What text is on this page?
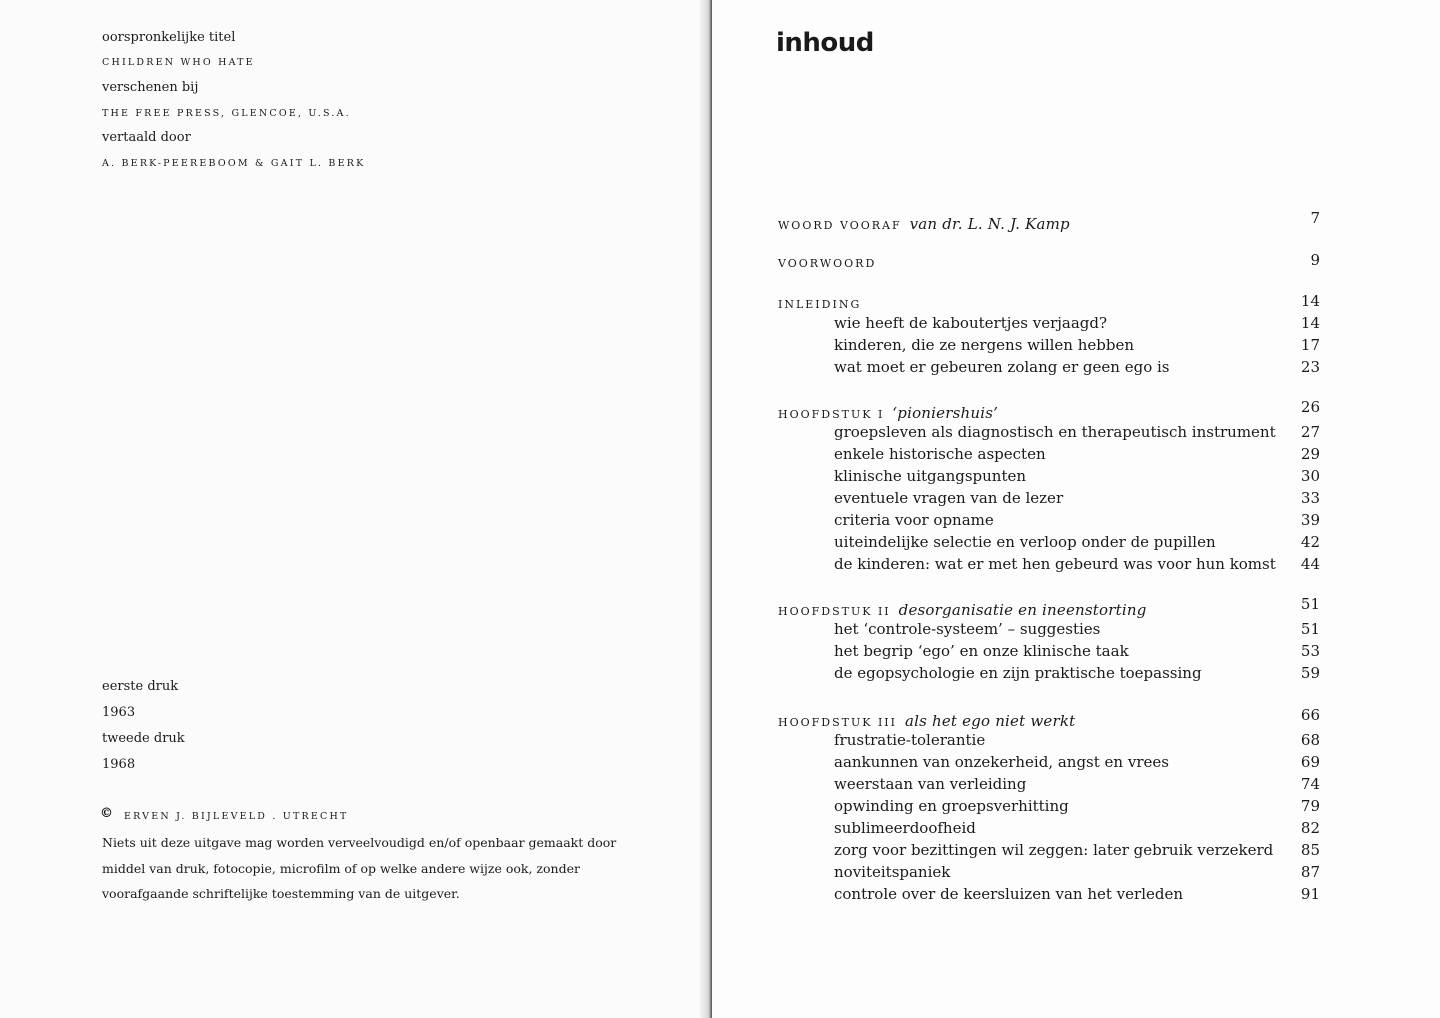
oorspronkelijke titel
CHILDREN WHO HATE
verschenen bij
THE FREE PRESS, GLENCOE, U.S.A.
vertaald door
A. BERK-PEEREBOOM & GAIT L. BERK
eerste druk
1963
tweede druk
1968
© ERVEN J. BIJLEVELD . UTRECHT
Niets uit deze uitgave mag worden verveelvoudigd en/of openbaar gemaakt door middel van druk, fotocopie, microfilm of op welke andere wijze ook, zonder voorafgaande schriftelijke toestemming van de uitgever.
inhoud
WOORD VOORAF van dr. L. N. J. Kamp	7
VOORWOORD	9
INLEIDING	14
wie heeft de kaboutertjes verjaagd?	14
kinderen, die ze nergens willen hebben	17
wat moet er gebeuren zolang er geen ego is	23
HOOFDSTUK I ‘pioniershuis’	26
groepsleven als diagnostisch en therapeutisch instrument	27
enkele historische aspecten	29
klinische uitgangspunten	30
eventuele vragen van de lezer	33
criteria voor opname	39
uiteindelijke selectie en verloop onder de pupillen	42
de kinderen: wat er met hen gebeurd was voor hun komst	44
HOOFDSTUK II desorganisatie en ineenstorting	51
het ‘controle-systeem’ – suggesties	51
het begrip ‘ego’ en onze klinische taak	53
de egopsychologie en zijn praktische toepassing	59
HOOFDSTUK III als het ego niet werkt	66
frustratie-tolerantie	68
aankunnen van onzekerheid, angst en vrees	69
weerstaan van verleiding	74
opwinding en groepsverhitting	79
sublimeerdoofheid	82
zorg voor bezittingen wil zeggen: later gebruik verzekerd	85
noviteitspaniek	87
controle over de keersluizen van het verleden	91
